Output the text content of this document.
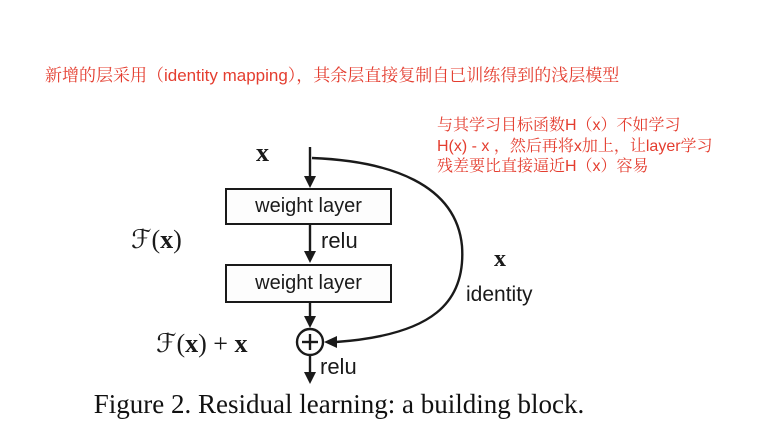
新增的层采用（identity mapping），其余层直接复制自已训练得到的浅层模型
与其学习目标函数H（x）不如学习
H(x) - x ，然后再将x加上，让layer学习
残差要比直接逼近H（x）容易
x
weight layer
relu
ℱ(x)
weight layer
x
identity
ℱ(x) + x
relu
Figure 2. Residual learning: a building block.
